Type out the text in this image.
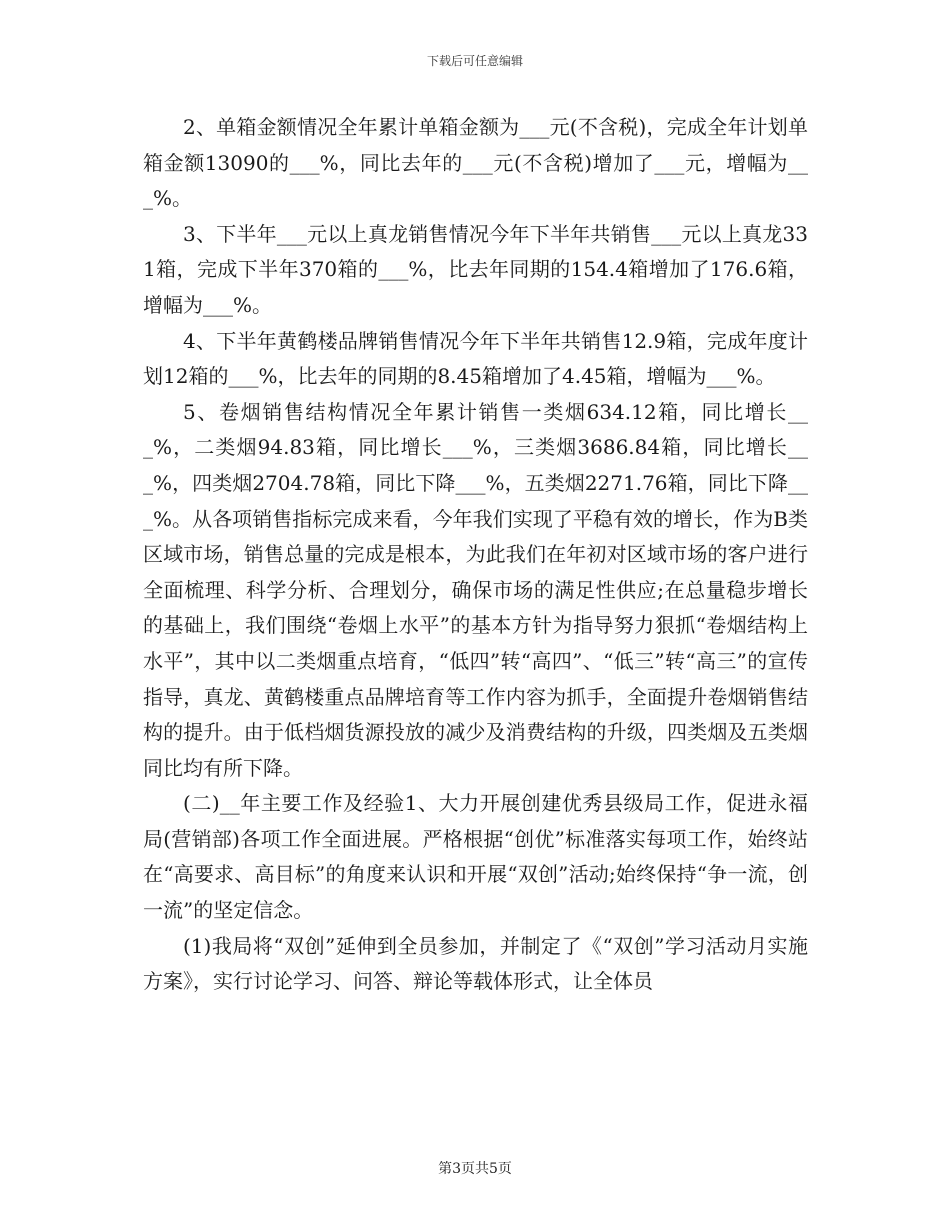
下载后可任意编辑

2、单箱金额情况全年累计单箱金额为___元(不含税)，完成全年计划单箱金额13090的___%，同比去年的___元(不含税)增加了___元，增幅为___%。

3、下半年___元以上真龙销售情况今年下半年共销售___元以上真龙331箱，完成下半年370箱的___%，比去年同期的154.4箱增加了176.6箱，增幅为___%。

4、下半年黄鹤楼品牌销售情况今年下半年共销售12.9箱，完成年度计划12箱的___%，比去年的同期的8.45箱增加了4.45箱，增幅为___%。

5、卷烟销售结构情况全年累计销售一类烟634.12箱，同比增长___%，二类烟94.83箱，同比增长___%，三类烟3686.84箱，同比增长___%，四类烟2704.78箱，同比下降___%，五类烟2271.76箱，同比下降___%。从各项销售指标完成来看，今年我们实现了平稳有效的增长，作为B类区域市场，销售总量的完成是根本，为此我们在年初对区域市场的客户进行全面梳理、科学分析、合理划分，确保市场的满足性供应;在总量稳步增长的基础上，我们围绕“卷烟上水平”的基本方针为指导努力狠抓“卷烟结构上水平”，其中以二类烟重点培育，“低四”转“高四”、“低三”转“高三”的宣传指导，真龙、黄鹤楼重点品牌培育等工作内容为抓手，全面提升卷烟销售结构的提升。由于低档烟货源投放的减少及消费结构的升级，四类烟及五类烟同比均有所下降。

(二)__年主要工作及经验1、大力开展创建优秀县级局工作，促进永福局(营销部)各项工作全面进展。严格根据“创优”标准落实每项工作，始终站在“高要求、高目标”的角度来认识和开展“双创”活动;始终保持“争一流，创一流”的坚定信念。

(1)我局将“双创”延伸到全员参加，并制定了《“双创”学习活动月实施方案》，实行讨论学习、问答、辩论等载体形式，让全体员

第3页共5页
